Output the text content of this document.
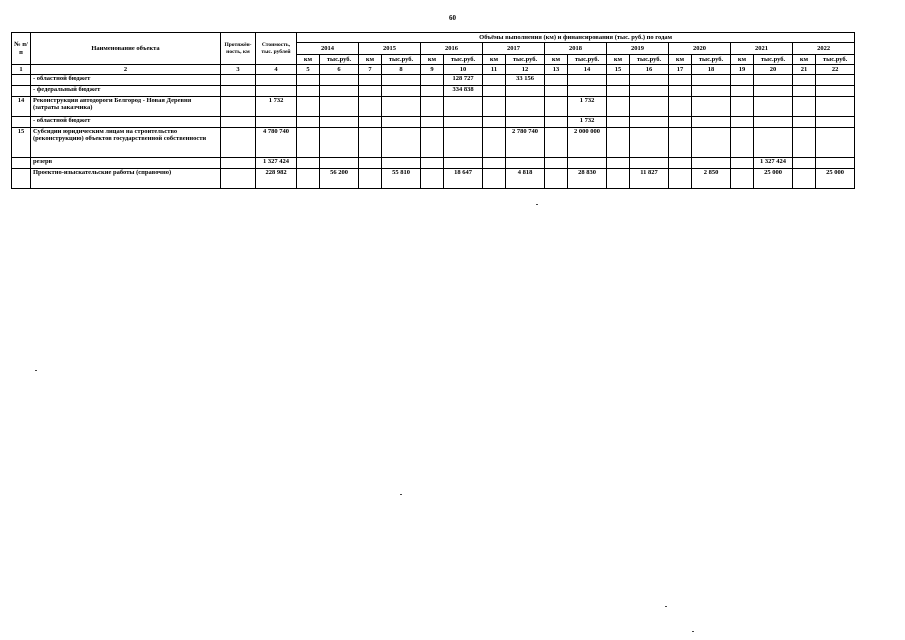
60
№ п/п	Наименование объекта	Протяжён-ность, км	Стоимость, тыс. рублей	Объёмы выполнения (км) и финансирования (тыс. руб.) по годам																	
				2014		2015		2016		2017		2018		2019		2020		2021		2022	
				км	тыс.руб.	км	тыс.руб.	км	тыс.руб.	км	тыс.руб.	км	тыс.руб.	км	тыс.руб.	км	тыс.руб.	км	тыс.руб.	км	тыс.руб.
1	2	3	4	5	6	7	8	9	10	11	12	13	14	15	16	17	18	19	20	21	22
	- областной бюджет								128 727		33 156										
	- федеральный бюджет								334 838												
14	Реконструкция автодороги Белгород - Новая Деревня (затраты заказчика)		1 732										1 732								
	- областной бюджет												1 732								
15	Субсидии юридическим лицам на строительство (реконструкцию) объектов государственной собственности		4 780 740								2 780 740		2 000 000								
	резерв		1 327 424																1 327 424		
	Проектно-изыскательские работы (справочно)		228 982		56 200		55 810		18 647		4 818		28 830		11 827		2 850		25 000		25 000
